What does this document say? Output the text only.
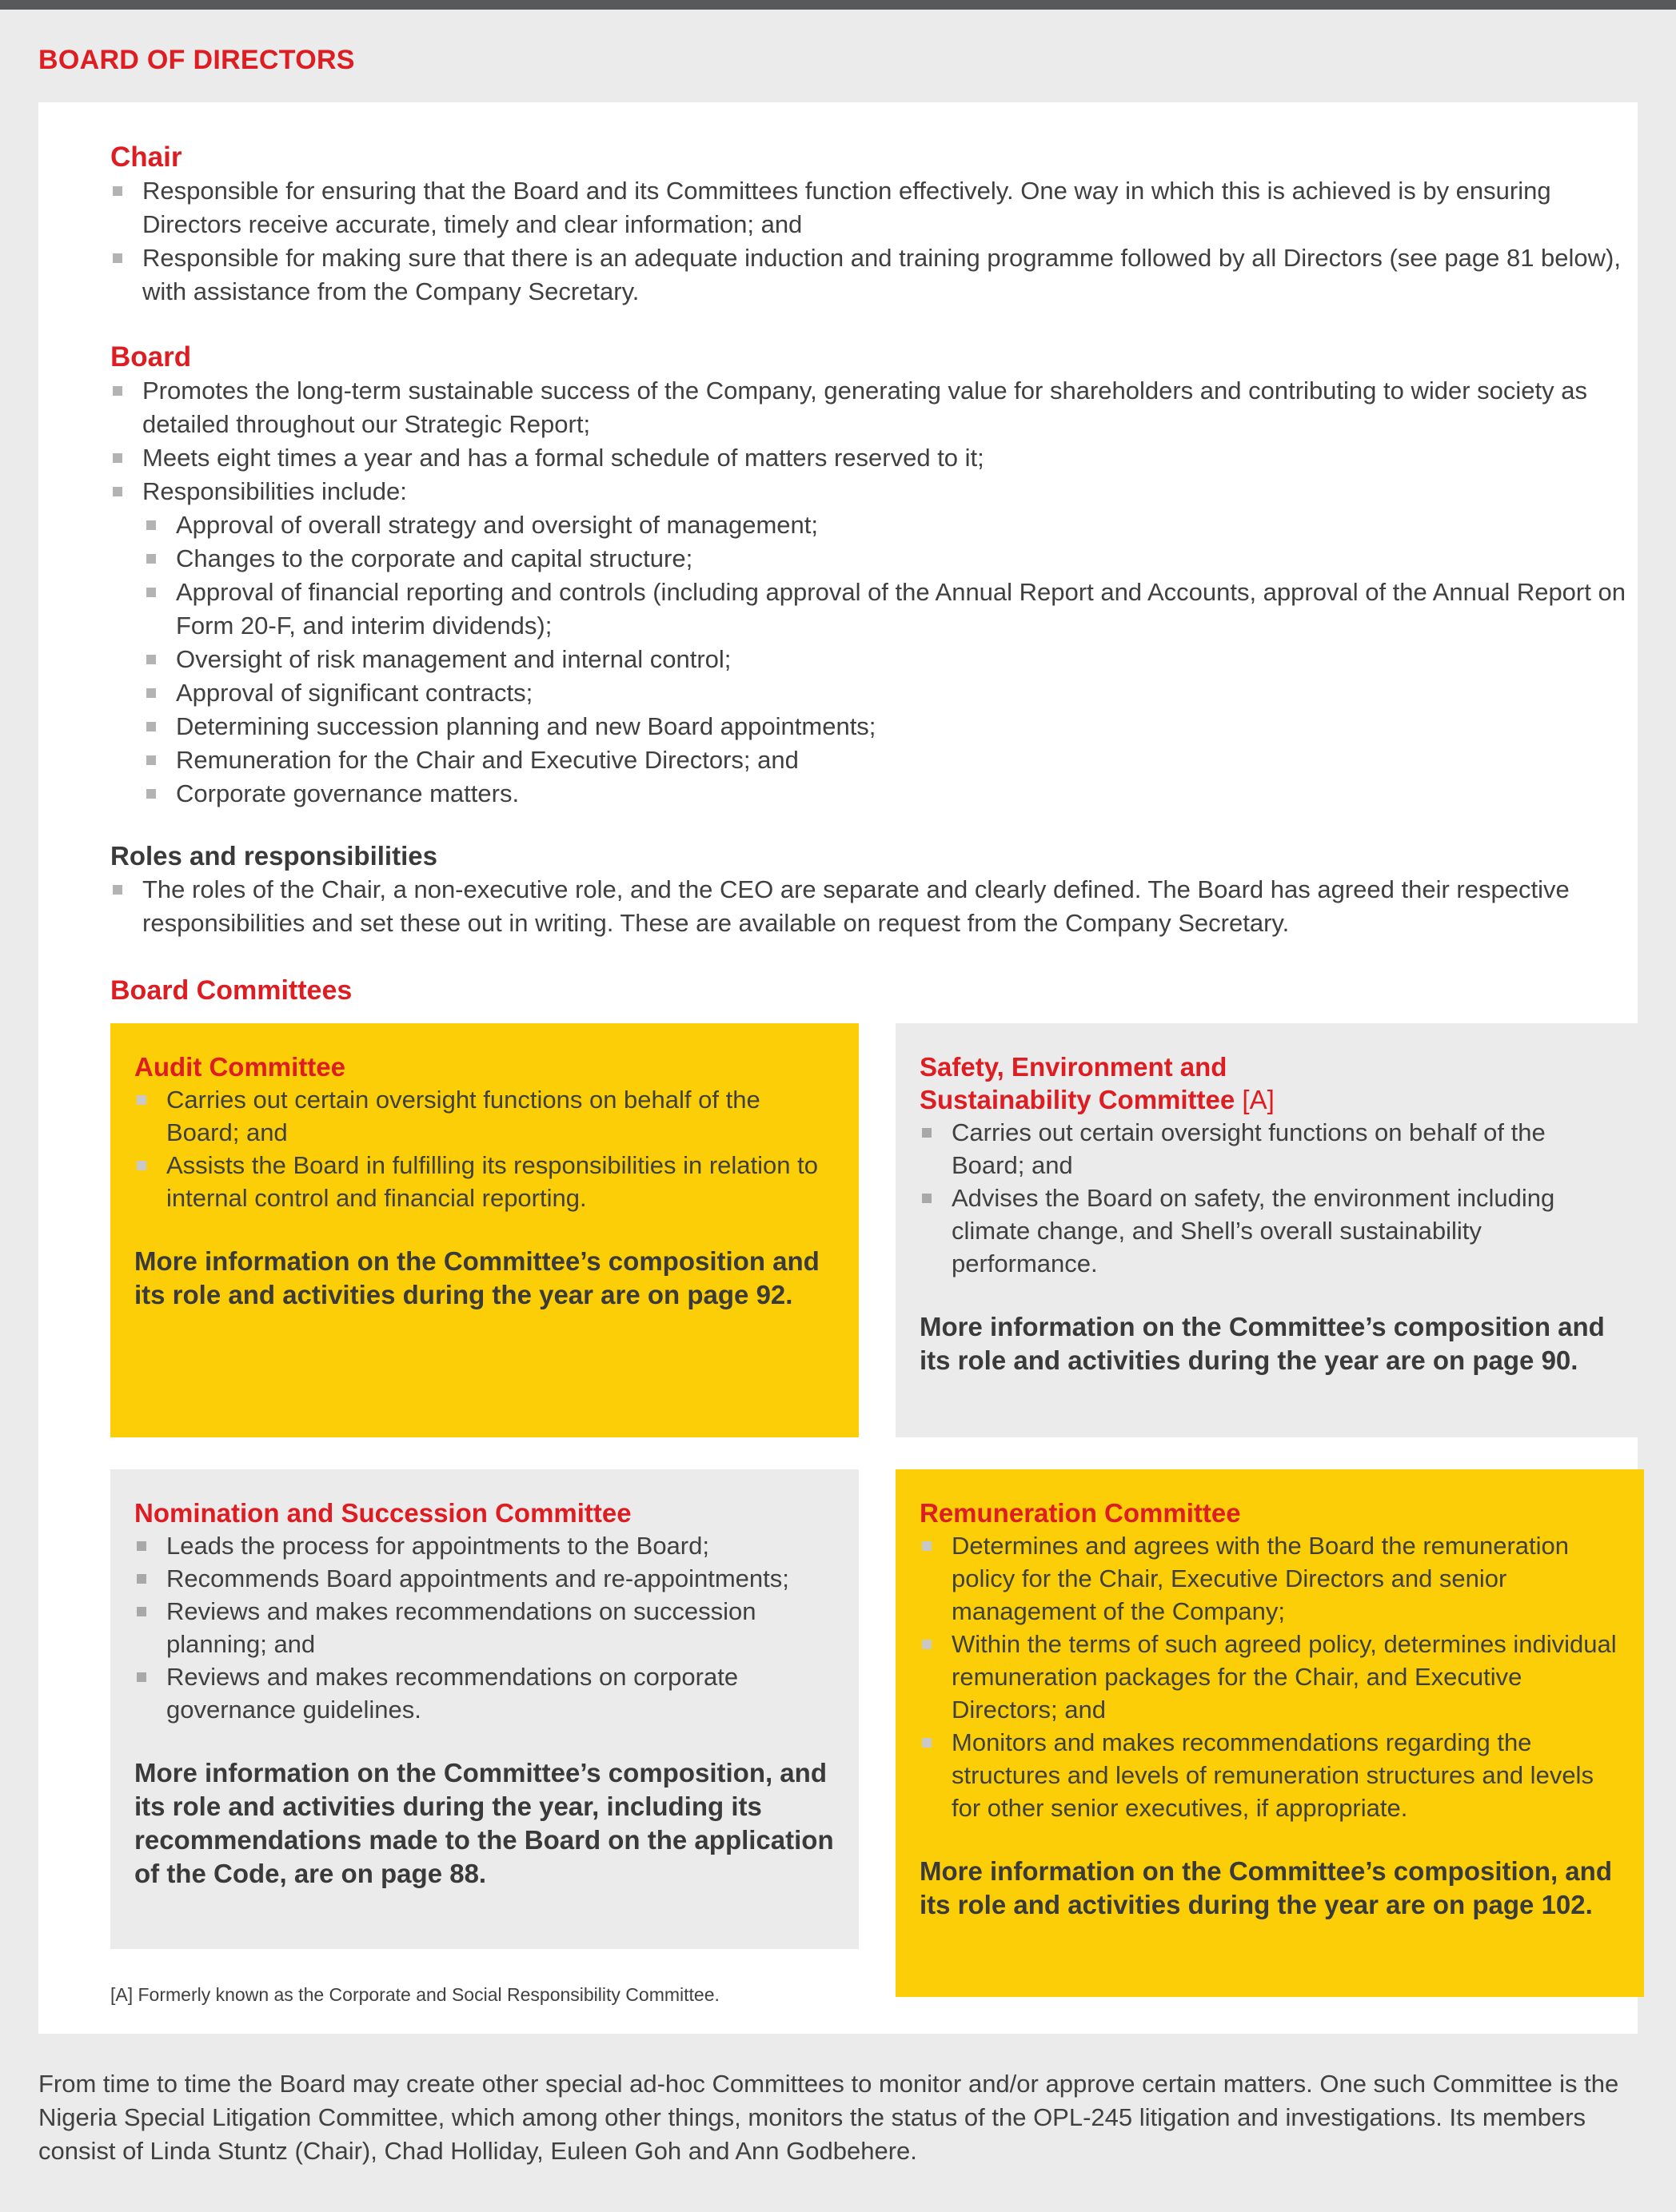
BOARD OF DIRECTORS
Chair
Responsible for ensuring that the Board and its Committees function effectively. One way in which this is achieved is by ensuring Directors receive accurate, timely and clear information; and
Responsible for making sure that there is an adequate induction and training programme followed by all Directors (see page 81 below), with assistance from the Company Secretary.
Board
Promotes the long-term sustainable success of the Company, generating value for shareholders and contributing to wider society as detailed throughout our Strategic Report;
Meets eight times a year and has a formal schedule of matters reserved to it;
Responsibilities include:
Approval of overall strategy and oversight of management;
Changes to the corporate and capital structure;
Approval of financial reporting and controls (including approval of the Annual Report and Accounts, approval of the Annual Report on Form 20-F, and interim dividends);
Oversight of risk management and internal control;
Approval of significant contracts;
Determining succession planning and new Board appointments;
Remuneration for the Chair and Executive Directors; and
Corporate governance matters.
Roles and responsibilities
The roles of the Chair, a non-executive role, and the CEO are separate and clearly defined. The Board has agreed their respective responsibilities and set these out in writing. These are available on request from the Company Secretary.
Board Committees
Audit Committee
Carries out certain oversight functions on behalf of the Board; and
Assists the Board in fulfilling its responsibilities in relation to internal control and financial reporting.
More information on the Committee’s composition and its role and activities during the year are on page 92.
Safety, Environment and
Sustainability Committee [A]
Carries out certain oversight functions on behalf of the Board; and
Advises the Board on safety, the environment including climate change, and Shell’s overall sustainability performance.
More information on the Committee’s composition and its role and activities during the year are on page 90.
Nomination and Succession Committee
Leads the process for appointments to the Board;
Recommends Board appointments and re-appointments;
Reviews and makes recommendations on succession planning; and
Reviews and makes recommendations on corporate governance guidelines.
More information on the Committee’s composition, and its role and activities during the year, including its recommendations made to the Board on the application of the Code, are on page 88.
Remuneration Committee
Determines and agrees with the Board the remuneration policy for the Chair, Executive Directors and senior management of the Company;
Within the terms of such agreed policy, determines individual remuneration packages for the Chair, and Executive Directors; and
Monitors and makes recommendations regarding the structures and levels of remuneration structures and levels for other senior executives, if appropriate.
More information on the Committee’s composition, and its role and activities during the year are on page 102.
[A] Formerly known as the Corporate and Social Responsibility Committee.
From time to time the Board may create other special ad-hoc Committees to monitor and/or approve certain matters. One such Committee is the Nigeria Special Litigation Committee, which among other things, monitors the status of the OPL-245 litigation and investigations. Its members consist of Linda Stuntz (Chair), Chad Holliday, Euleen Goh and Ann Godbehere.
